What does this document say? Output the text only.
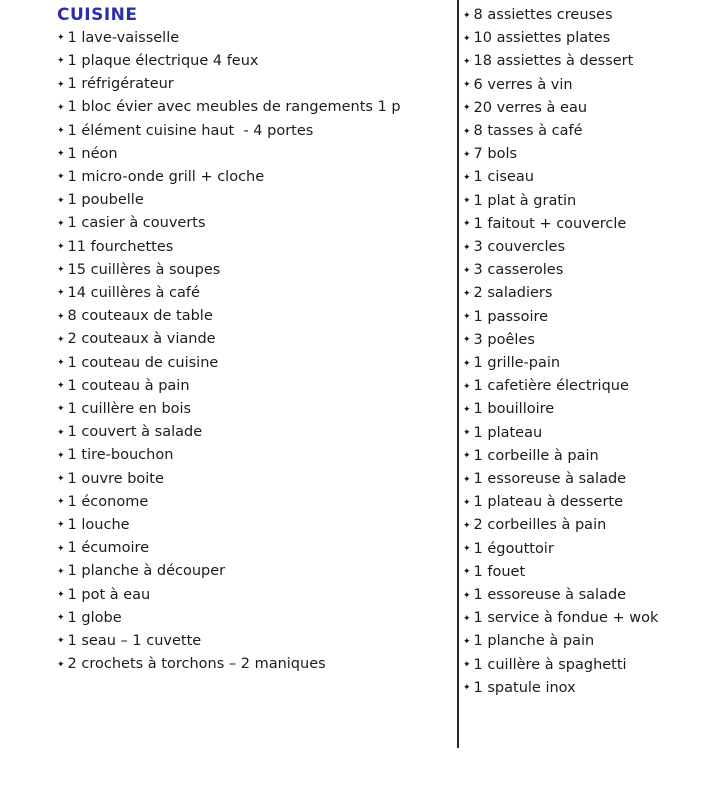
CUISINE
✦ 1 lave-vaisselle
✦ 1 plaque électrique 4 feux
✦ 1 réfrigérateur
✦ 1 bloc évier avec meubles de rangements 1 p
✦ 1 élément cuisine haut  - 4 portes
✦ 1 néon
✦ 1 micro-onde grill + cloche
✦ 1 poubelle
✦ 1 casier à couverts
✦ 11 fourchettes
✦ 15 cuillères à soupes
✦ 14 cuillères à café
✦ 8 couteaux de table
✦ 2 couteaux à viande
✦ 1 couteau de cuisine
✦ 1 couteau à pain
✦ 1 cuillère en bois
✦ 1 couvert à salade
✦ 1 tire-bouchon
✦ 1 ouvre boite
✦ 1 économe
✦ 1 louche
✦ 1 écumoire
✦ 1 planche à découper
✦ 1 pot à eau
✦ 1 globe
✦ 1 seau – 1 cuvette
✦ 2 crochets à torchons – 2 maniques
✦ 8 assiettes creuses
✦ 10 assiettes plates
✦ 18 assiettes à dessert
✦ 6 verres à vin
✦ 20 verres à eau
✦ 8 tasses à café
✦ 7 bols
✦ 1 ciseau
✦ 1 plat à gratin
✦ 1 faitout + couvercle
✦ 3 couvercles
✦ 3 casseroles
✦ 2 saladiers
✦ 1 passoire
✦ 3 poêles
✦ 1 grille-pain
✦ 1 cafetière électrique
✦ 1 bouilloire
✦ 1 plateau
✦ 1 corbeille à pain
✦ 1 essoreuse à salade
✦ 1 plateau à desserte
✦ 2 corbeilles à pain
✦ 1 égouttoir
✦ 1 fouet
✦ 1 essoreuse à salade
✦ 1 service à fondue + wok
✦ 1 planche à pain
✦ 1 cuillère à spaghetti
✦ 1 spatule inox
